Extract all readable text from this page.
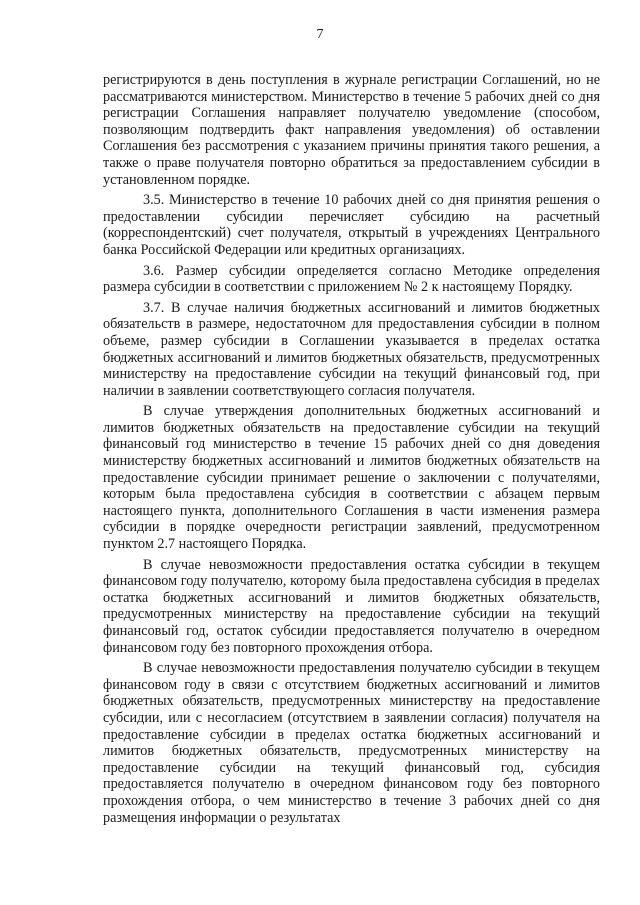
7

регистрируются в день поступления в журнале регистрации Соглашений, но не рассматриваются министерством. Министерство в течение 5 рабочих дней со дня регистрации Соглашения направляет получателю уведомление (способом, позволяющим подтвердить факт направления уведомления) об оставлении Соглашения без рассмотрения с указанием причины принятия такого решения, а также о праве получателя повторно обратиться за предоставлением субсидии в установленном порядке.

3.5. Министерство в течение 10 рабочих дней со дня принятия решения о предоставлении субсидии перечисляет субсидию на расчетный (корреспондентский) счет получателя, открытый в учреждениях Центрального банка Российской Федерации или кредитных организациях.

3.6. Размер субсидии определяется согласно Методике определения размера субсидии в соответствии с приложением № 2 к настоящему Порядку.

3.7. В случае наличия бюджетных ассигнований и лимитов бюджетных обязательств в размере, недостаточном для предоставления субсидии в полном объеме, размер субсидии в Соглашении указывается в пределах остатка бюджетных ассигнований и лимитов бюджетных обязательств, предусмотренных министерству на предоставление субсидии на текущий финансовый год, при наличии в заявлении соответствующего согласия получателя.

В случае утверждения дополнительных бюджетных ассигнований и лимитов бюджетных обязательств на предоставление субсидии на текущий финансовый год министерство в течение 15 рабочих дней со дня доведения министерству бюджетных ассигнований и лимитов бюджетных обязательств на предоставление субсидии принимает решение о заключении с получателями, которым была предоставлена субсидия в соответствии с абзацем первым настоящего пункта, дополнительного Соглашения в части изменения размера субсидии в порядке очередности регистрации заявлений, предусмотренном пунктом 2.7 настоящего Порядка.

В случае невозможности предоставления остатка субсидии в текущем финансовом году получателю, которому была предоставлена субсидия в пределах остатка бюджетных ассигнований и лимитов бюджетных обязательств, предусмотренных министерству на предоставление субсидии на текущий финансовый год, остаток субсидии предоставляется получателю в очередном финансовом году без повторного прохождения отбора.

В случае невозможности предоставления получателю субсидии в текущем финансовом году в связи с отсутствием бюджетных ассигнований и лимитов бюджетных обязательств, предусмотренных министерству на предоставление субсидии, или с несогласием (отсутствием в заявлении согласия) получателя на предоставление субсидии в пределах остатка бюджетных ассигнований и лимитов бюджетных обязательств, предусмотренных министерству на предоставление субсидии на текущий финансовый год, субсидия предоставляется получателю в очередном финансовом году без повторного прохождения отбора, о чем министерство в течение 3 рабочих дней со дня размещения информации о результатах
